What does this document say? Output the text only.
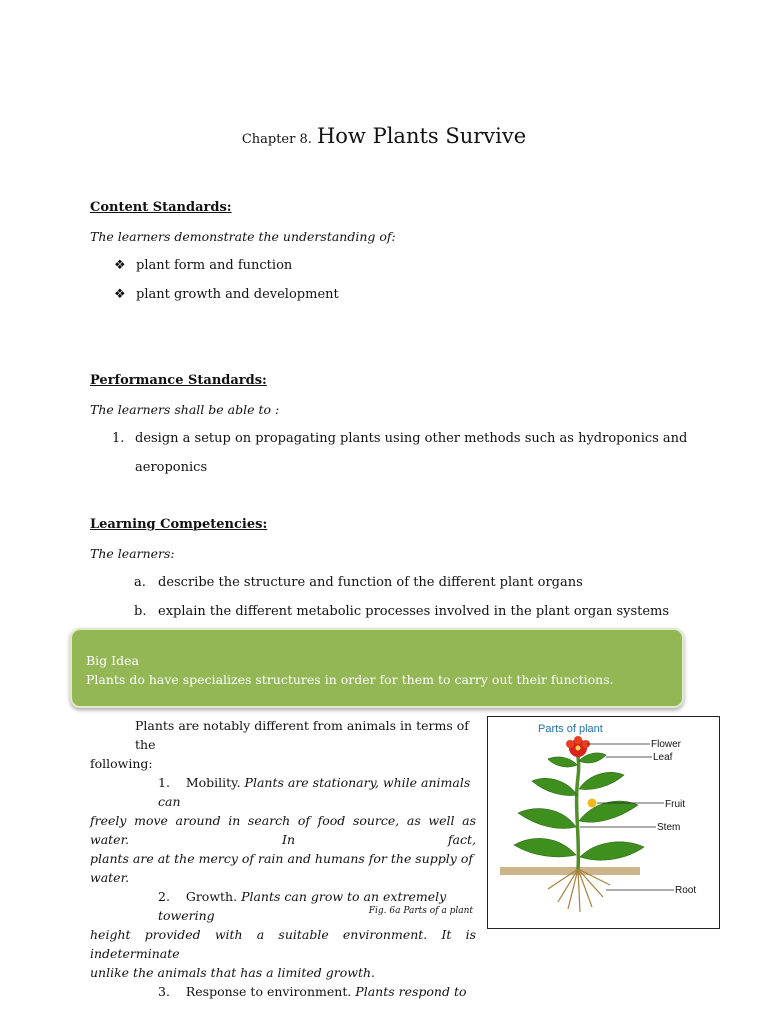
Chapter 8. How Plants Survive
Content Standards:
The learners demonstrate the understanding of:
❖ plant form and function
❖ plant growth and development
Performance Standards:
The learners shall be able to :
1. design a setup on propagating plants using other methods such as hydroponics and
aeroponics
Learning Competencies:
The learners:
a. describe the structure and function of the different plant organs
b. explain the different metabolic processes involved in the plant organ systems
Big Idea
Plants do have specializes structures in order for them to carry out their functions.
Plants are notably different from animals in terms of the
following:
1. Mobility. Plants are stationary, while animals can
freely move around in search of food source, as well as water. In fact,
plants are at the mercy of rain and humans for the supply of water.
2. Growth. Plants can grow to an extremely towering
height provided with a suitable environment. It is indeterminate
unlike the animals that has a limited growth.
3. Response to environment. Plants respond to
Parts of plant
Flower
Leaf
Fruit
Stem
Root
Fig. 6a Parts of a plant
